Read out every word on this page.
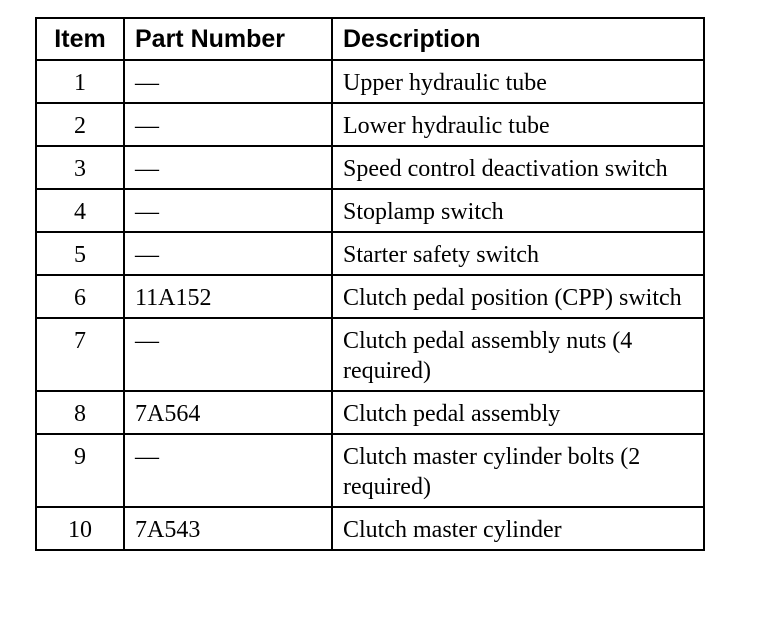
Item	Part Number	Description
1	—	Upper hydraulic tube
2	—	Lower hydraulic tube
3	—	Speed control deactivation switch
4	—	Stoplamp switch
5	—	Starter safety switch
6	11A152	Clutch pedal position (CPP) switch
7	—	Clutch pedal assembly nuts (4 required)
8	7A564	Clutch pedal assembly
9	—	Clutch master cylinder bolts (2 required)
10	7A543	Clutch master cylinder
